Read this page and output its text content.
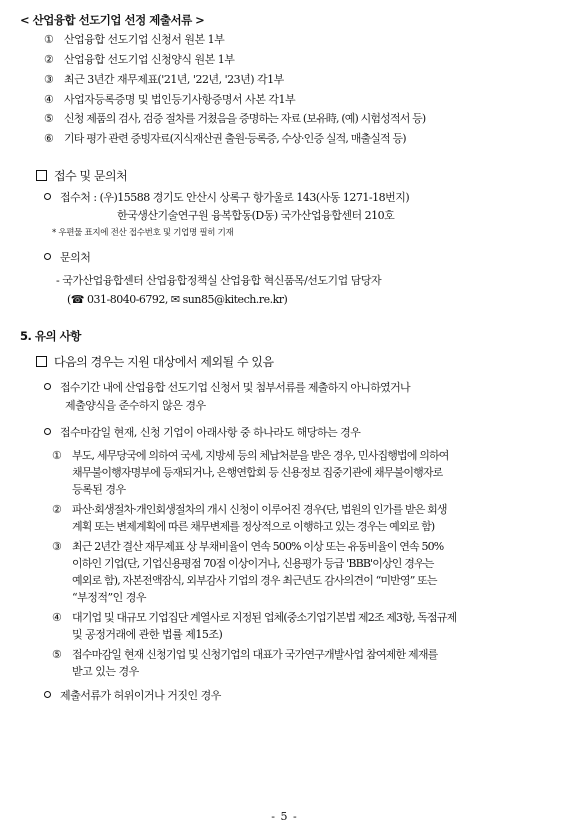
< 산업융합 선도기업 선정 제출서류 >
① 산업융합 선도기업 신청서 원본 1부
② 산업융합 선도기업 신청양식 원본 1부
③ 최근 3년간 재무제표('21년, '22년, '23년) 각1부
④ 사업자등록증명 및 법인등기사항증명서 사본 각1부
⑤ 신청 제품의 검사, 검증 절차를 거쳤음을 증명하는 자료 (보유時, (예) 시험성적서 등)
⑥ 기타 평가 관련 증빙자료(지식재산권 출원·등록증, 수상·인증 실적, 매출실적 등)
접수 및 문의처
접수처 : (우)15588 경기도 안산시 상록구 항가울로 143(사동 1271-18번지)
한국생산기술연구원 융복합동(D동) 국가산업융합센터 210호
* 우편물 표지에 전산 접수번호 및 기업명 필히 기재
문의처
- 국가산업융합센터 산업융합정책실 산업융합 혁신품목/선도기업 담당자
(☎ 031-8040-6792, ✉ sun85@kitech.re.kr)
5. 유의 사항
다음의 경우는 지원 대상에서 제외될 수 있음
접수기간 내에 산업융합 선도기업 신청서 및 첨부서류를 제출하지 아니하였거나
제출양식을 준수하지 않은 경우
접수마감일 현재, 신청 기업이 아래사항 중 하나라도 해당하는 경우
① 부도, 세무당국에 의하여 국세, 지방세 등의 체납처분을 받은 경우, 민사집행법에 의하여
채무불이행자명부에 등재되거나, 은행연합회 등 신용정보 집중기관에 채무불이행자로
등록된 경우
② 파산·회생절차·개인회생절차의 개시 신청이 이루어진 경우(단, 법원의 인가를 받은 회생
계획 또는 변제계획에 따른 채무변제를 정상적으로 이행하고 있는 경우는 예외로 함)
③ 최근 2년간 결산 재무제표 상 부채비율이 연속 500% 이상 또는 유동비율이 연속 50%
이하인 기업(단, 기업신용평점 70점 이상이거나, 신용평가 등급 'BBB'이상인 경우는
예외로 함), 자본전액잠식, 외부감사 기업의 경우 최근년도 감사의견이 “미반영” 또는
“부정적”인 경우
④ 대기업 및 대규모 기업집단 계열사로 지정된 업체(중소기업기본법 제2조 제3항, 독점규제
및 공정거래에 관한 법률 제15조)
⑤ 접수마감일 현재 신청기업 및 신청기업의 대표가 국가연구개발사업 참여제한 제재를
받고 있는 경우
제출서류가 허위이거나 거짓인 경우
- 5 -
